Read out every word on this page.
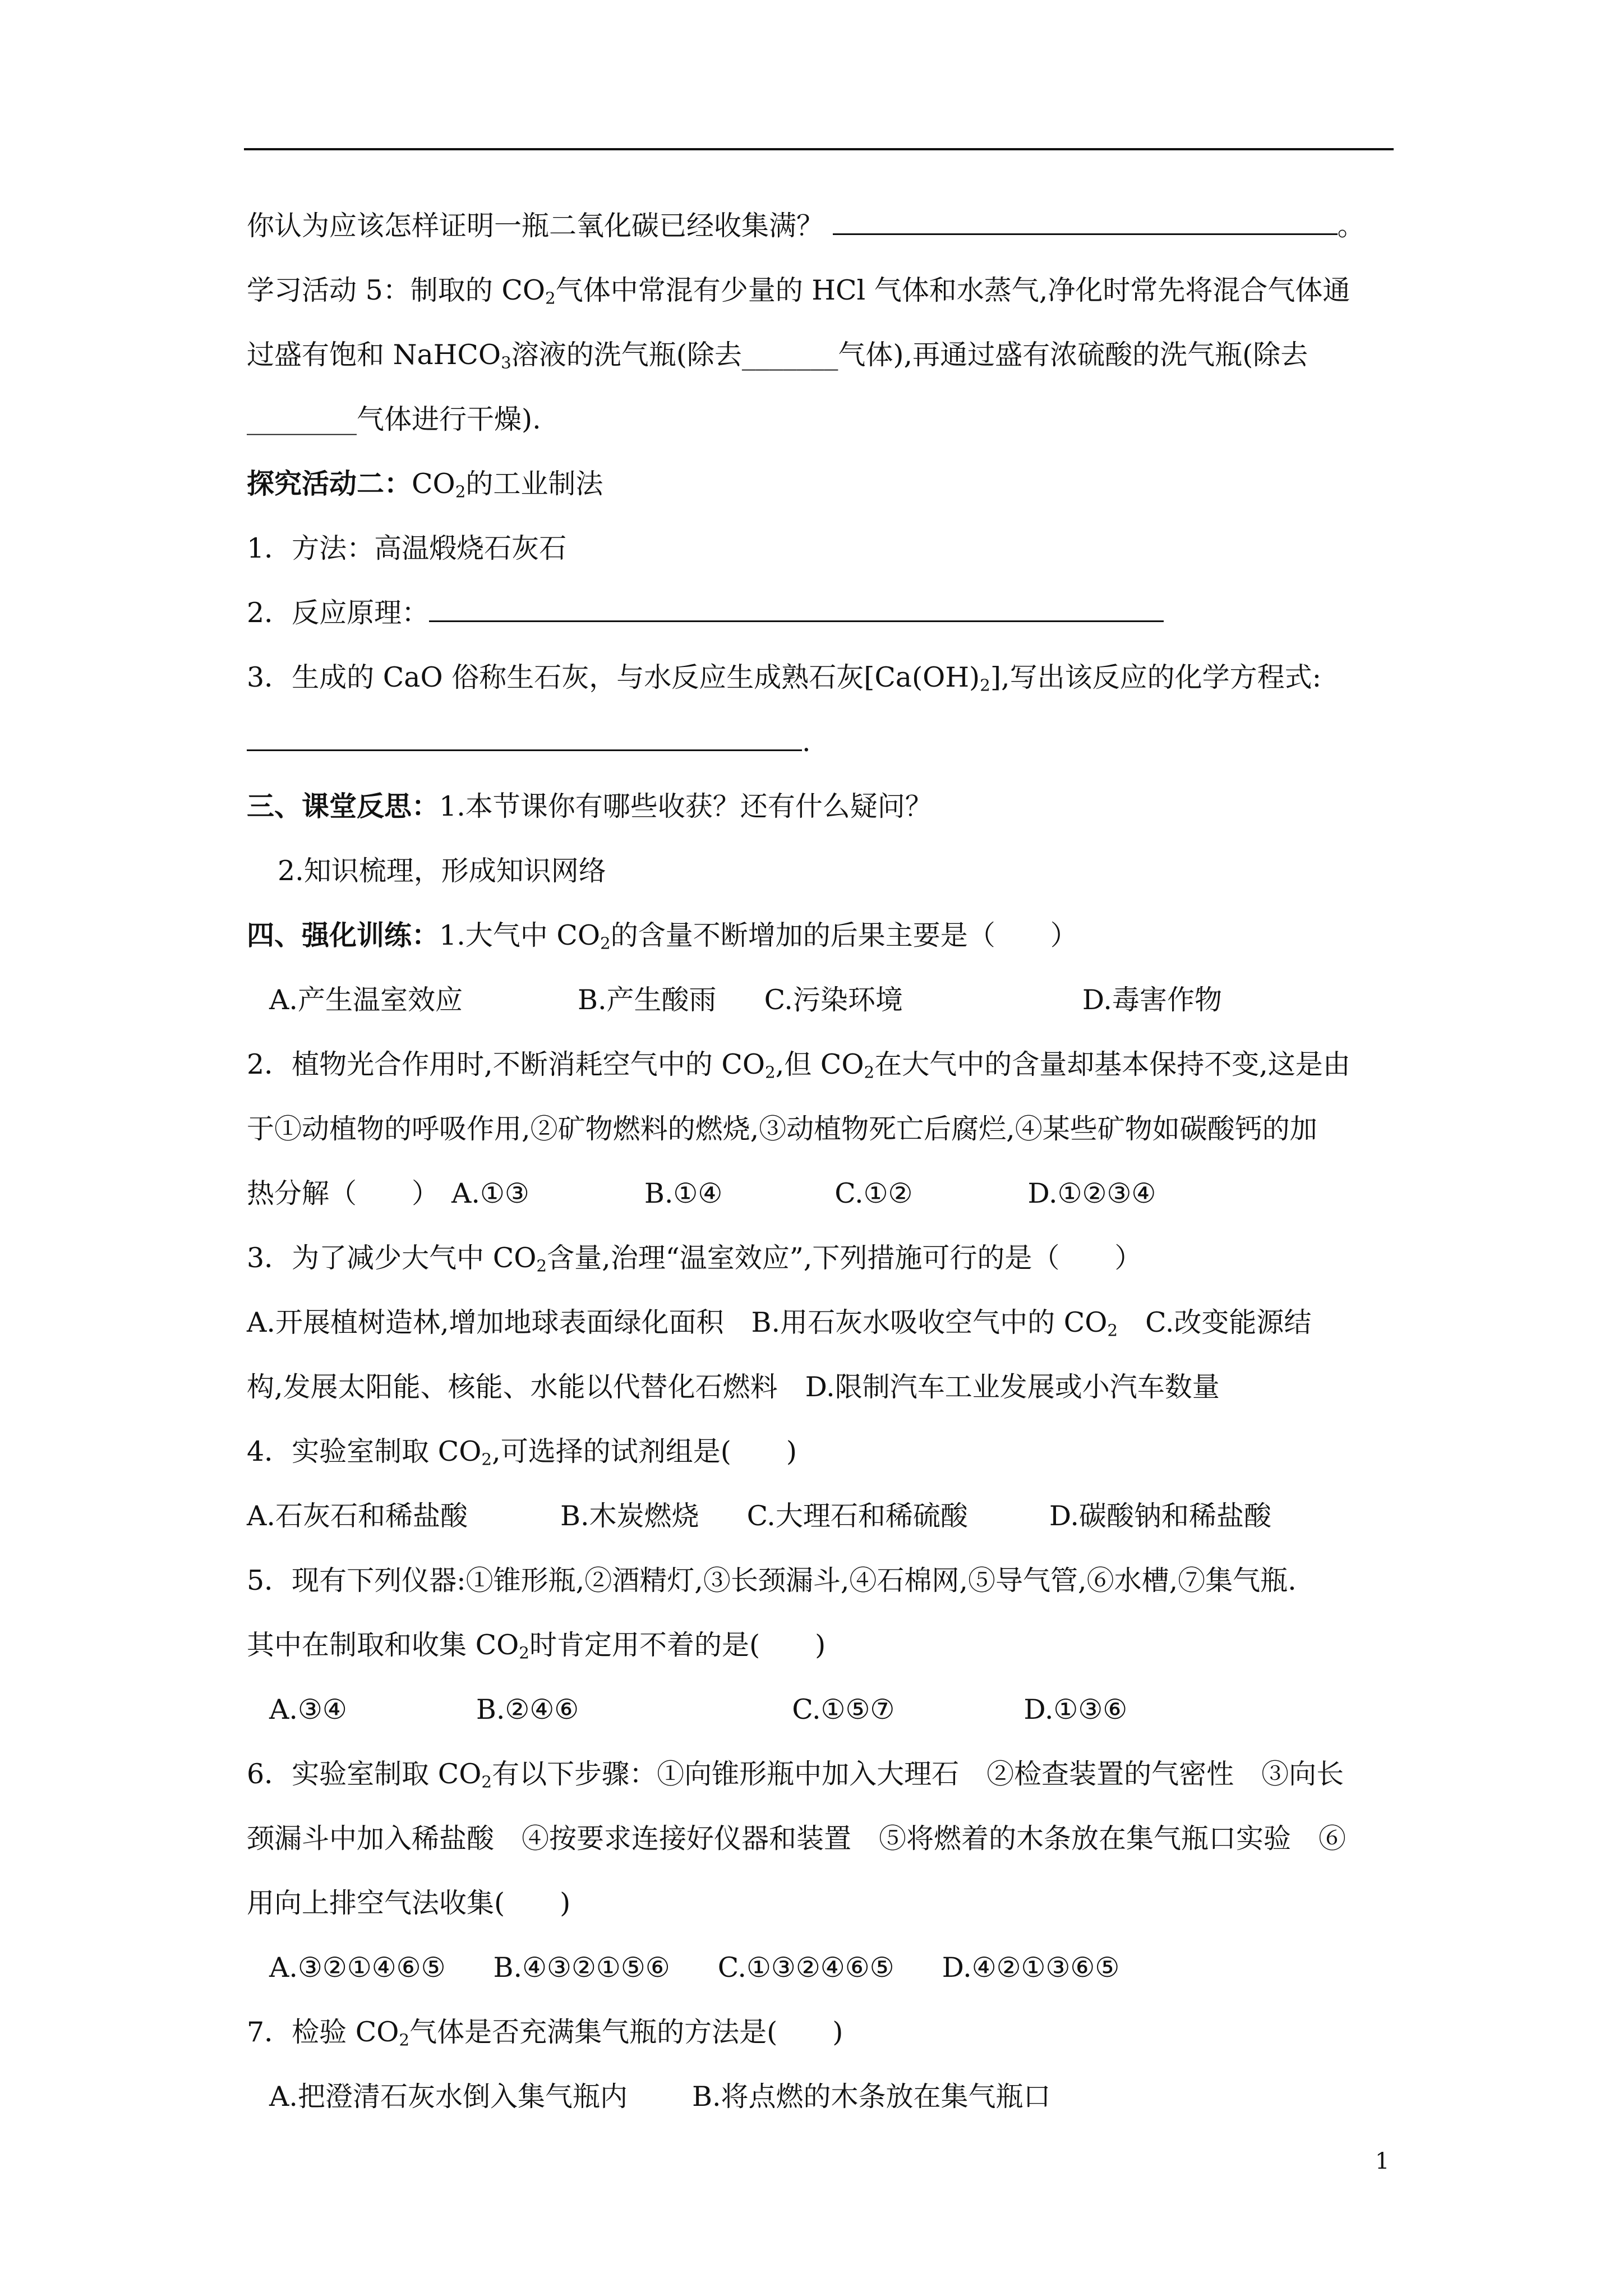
你认为应该怎样证明一瓶二氧化碳已经收集满？	。
学习活动 5：制取的 $CO_2$气体中常混有少量的 HCl 气体和水蒸气,净化时常先将混合气体通
过盛有饱和 NaHCO$_3$溶液的洗气瓶(除去_______气体),再通过盛有浓硫酸的洗气瓶(除去
________气体进行干燥).
探究活动二：$CO_2$的工业制法
1．方法：高温煅烧石灰石
2．反应原理：
3．生成的 CaO 俗称生石灰，与水反应生成熟石灰$[Ca(OH)_2]$,写出该反应的化学方程式:
.
三、课堂反思：1.本节课你有哪些收获？还有什么疑问？
2.知识梳理，形成知识网络
四、强化训练：1.大气中 $CO_2$的含量不断增加的后果主要是（　　）
A.产生温室效应	B.产生酸雨 C.污染环境	D.毒害作物
2．植物光合作用时,不断消耗空气中的 $CO_2$,但 $CO_2$在大气中的含量却基本保持不变,这是由
于①动植物的呼吸作用,②矿物燃料的燃烧,③动植物死亡后腐烂,④某些矿物如碳酸钙的加
热分解（　　） A.①③	B.①④	C.①②	D.①②③④
3．为了减少大气中 $CO_2$含量,治理“温室效应”,下列措施可行的是（　　）
A.开展植树造林,增加地球表面绿化面积　B.用石灰水吸收空气中的 $CO_2$　C.改变能源结
构,发展太阳能、核能、水能以代替化石燃料　D.限制汽车工业发展或小汽车数量
4．实验室制取 $CO_2$,可选择的试剂组是(　　)
A.石灰石和稀盐酸	B.木炭燃烧 C.大理石和稀硫酸	D.碳酸钠和稀盐酸
5．现有下列仪器:①锥形瓶,②酒精灯,③长颈漏斗,④石棉网,⑤导气管,⑥水槽,⑦集气瓶.
其中在制取和收集 $CO_2$时肯定用不着的是(　　)
A.③④	B.②④⑥	C.①⑤⑦	D.①③⑥
6．实验室制取 $CO_2$有以下步骤：①向锥形瓶中加入大理石　②检查装置的气密性　③向长
颈漏斗中加入稀盐酸　④按要求连接好仪器和装置　⑤将燃着的木条放在集气瓶口实验　⑥
用向上排空气法收集(　　)
A.③②①④⑥⑤ B.④③②①⑤⑥ C.①③②④⑥⑤ D.④②①③⑥⑤
7．检验 $CO_2$气体是否充满集气瓶的方法是(　　)
A.把澄清石灰水倒入集气瓶内 B.将点燃的木条放在集气瓶口
1
